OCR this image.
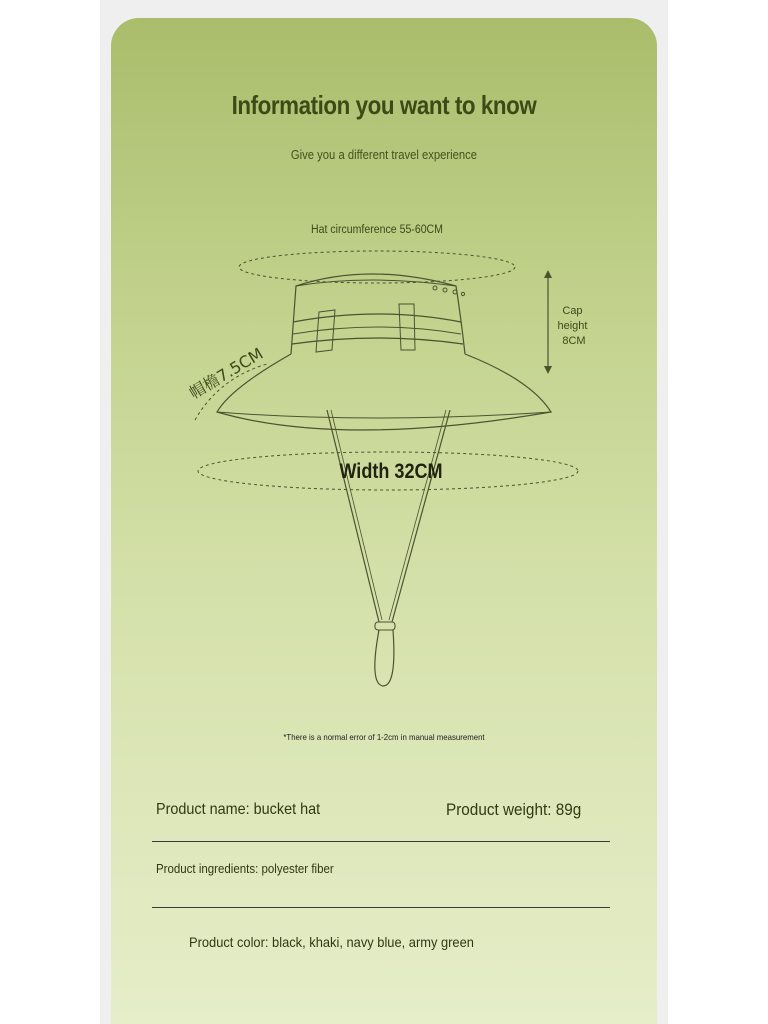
Information you want to know
Give you a different travel experience
Hat circumference 55-60CM
帽檐7.5CM
Cap height 8CM
Width 32CM
*There is a normal error of 1-2cm in manual measurement
Product name: bucket hat	Product weight: 89g
Product ingredients: polyester fiber
Product color: black, khaki, navy blue, army green
